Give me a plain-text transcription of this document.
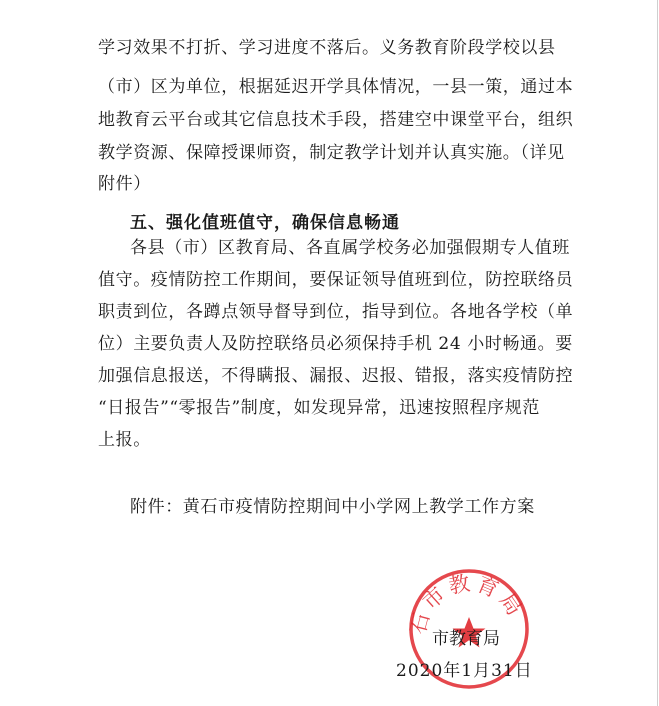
学习效果不打折、学习进度不落后。义务教育阶段学校以县
（市）区为单位，根据延迟开学具体情况，一县一策，通过本
地教育云平台或其它信息技术手段，搭建空中课堂平台，组织
教学资源、保障授课师资，制定教学计划并认真实施。（详见
附件）
五、强化值班值守，确保信息畅通
各县（市）区教育局、各直属学校务必加强假期专人值班
值守。疫情防控工作期间，要保证领导值班到位，防控联络员
职责到位，各蹲点领导督导到位，指导到位。各地各学校（单
位）主要负责人及防控联络员必须保持手机 24 小时畅通。要
加强信息报送，不得瞒报、漏报、迟报、错报，落实疫情防控
“日报告”“零报告”制度，如发现异常，迅速按照程序规范
上报。
附件：黄石市疫情防控期间中小学网上教学工作方案
石市教育局
市教育局
2020年1月31日
